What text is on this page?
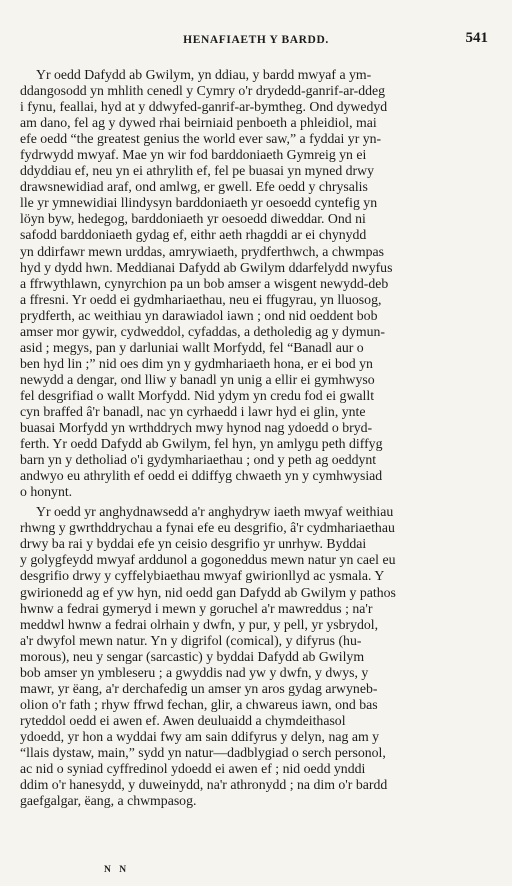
HENAFIAETH Y BARDD.	541
Yr oedd Dafydd ab Gwilym, yn ddiau, y bardd mwyaf a ym-
ddangosodd yn mhlith cenedl y Cymry o'r drydedd-ganrif-ar-ddeg
i fynu, feallai, hyd at y ddwyfed-ganrif-ar-bymtheg. Ond dywedyd
am dano, fel ag y dywed rhai beirniaid penboeth a phleidiol, mai
efe oedd “the greatest genius the world ever saw,” a fyddai yr yn-
fydrwydd mwyaf. Mae yn wir fod barddoniaeth Gymreig yn ei
ddyddiau ef, neu yn ei athrylith ef, fel pe buasai yn myned drwy
drawsnewidiad araf, ond amlwg, er gwell. Efe oedd y chrysalis
lle yr ymnewidiai llindysyn barddoniaeth yr oesoedd cyntefig yn
löyn byw, hedegog, barddoniaeth yr oesoedd diweddar. Ond ni
safodd barddoniaeth gydag ef, eithr aeth rhagddi ar ei chynydd
yn ddirfawr mewn urddas, amrywiaeth, prydferthwch, a chwmpas
hyd y dydd hwn. Meddianai Dafydd ab Gwilym ddarfelydd nwyfus
a ffrwythlawn, cynyrchion pa un bob amser a wisgent newydd-deb
a ffresni. Yr oedd ei gydmhariaethau, neu ei ffugyrau, yn lluosog,
prydferth, ac weithiau yn darawiadol iawn ; ond nid oeddent bob
amser mor gywir, cydweddol, cyfaddas, a detholedig ag y dymun-
asid ; megys, pan y darluniai wallt Morfydd, fel “Banadl aur o
ben hyd lin ;” nid oes dim yn y gydmhariaeth hona, er ei bod yn
newydd a dengar, ond lliw y banadl yn unig a ellir ei gymhwyso
fel desgrifiad o wallt Morfydd. Nid ydym yn credu fod ei gwallt
cyn braffed â'r banadl, nac yn cyrhaedd i lawr hyd ei glin, ynte
buasai Morfydd yn wrthddrych mwy hynod nag ydoedd o bryd-
ferth. Yr oedd Dafydd ab Gwilym, fel hyn, yn amlygu peth diffyg
barn yn y detholiad o'i gydymhariaethau ; ond y peth ag oeddynt
andwyo eu athrylith ef oedd ei ddiffyg chwaeth yn y cymhwysiad
o honynt.
Yr oedd yr anghydnawsedd a'r anghydryw iaeth mwyaf weithiau
rhwng y gwrthddrychau a fynai efe eu desgrifio, â'r cydmhariaethau
drwy ba rai y byddai efe yn ceisio desgrifio yr unrhyw. Byddai
y golygfeydd mwyaf arddunol a gogoneddus mewn natur yn cael eu
desgrifio drwy y cyffelybiaethau mwyaf gwirionllyd ac ysmala. Y
gwirionedd ag ef yw hyn, nid oedd gan Dafydd ab Gwilym y pathos
hwnw a fedrai gymeryd i mewn y goruchel a'r mawreddus ; na'r
meddwl hwnw a fedrai olrhain y dwfn, y pur, y pell, yr ysbrydol,
a'r dwyfol mewn natur. Yn y digrifol (comical), y difyrus (hu-
morous), neu y sengar (sarcastic) y byddai Dafydd ab Gwilym
bob amser yn ymbleseru ; a gwyddis nad yw y dwfn, y dwys, y
mawr, yr ëang, a'r derchafedig un amser yn aros gydag arwyneb-
olion o'r fath ; rhyw ffrwd fechan, glir, a chwareus iawn, ond bas
ryteddol oedd ei awen ef. Awen deuluaidd a chymdeithasol
ydoedd, yr hon a wyddai fwy am sain ddifyrus y delyn, nag am y
“llais dystaw, main,” sydd yn natur—dadblygiad o serch personol,
ac nid o syniad cyffredinol ydoedd ei awen ef ; nid oedd ynddi
ddim o'r hanesydd, y duweinydd, na'r athronydd ; na dim o'r bardd
gaefgalgar, ëang, a chwmpasog.
N N
